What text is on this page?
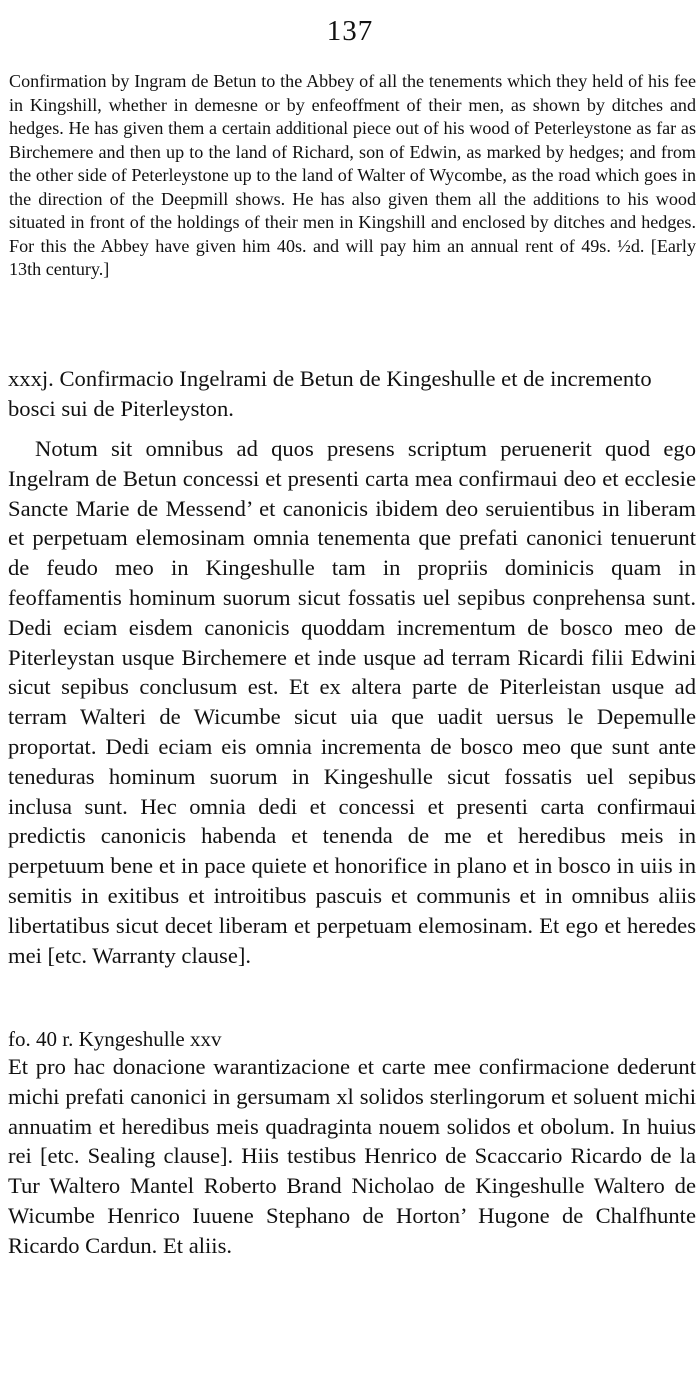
137

Confirmation by Ingram de Betun to the Abbey of all the tenements which they held of his fee in Kingshill, whether in demesne or by enfeoffment of their men, as shown by ditches and hedges. He has given them a certain additional piece out of his wood of Peterleystone as far as Birchemere and then up to the land of Richard, son of Edwin, as marked by hedges; and from the other side of Peterleystone up to the land of Walter of Wycombe, as the road which goes in the direction of the Deepmill shows. He has also given them all the additions to his wood situated in front of the holdings of their men in Kingshill and enclosed by ditches and hedges. For this the Abbey have given him 40s. and will pay him an annual rent of 49s. ½d. [Early 13th century.]

xxxj. Confirmacio Ingelrami de Betun de Kingeshulle et de incremento bosci sui de Piterleyston.

Notum sit omnibus ad quos presens scriptum peruenerit quod ego Ingelram de Betun concessi et presenti carta mea confirmaui deo et ecclesie Sancte Marie de Messend’ et canonicis ibidem deo seruientibus in liberam et perpetuam elemosinam omnia tenementa que prefati canonici tenuerunt de feudo meo in Kingeshulle tam in propriis dominicis quam in feoffamentis hominum suorum sicut fossatis uel sepibus conprehensa sunt. Dedi eciam eisdem canonicis quoddam incrementum de bosco meo de Piterleystan usque Birchemere et inde usque ad terram Ricardi filii Edwini sicut sepibus conclusum est. Et ex altera parte de Piterleistan usque ad terram Walteri de Wicumbe sicut uia que uadit uersus le Depemulle proportat. Dedi eciam eis omnia incrementa de bosco meo que sunt ante teneduras hominum suorum in Kingeshulle sicut fossatis uel sepibus inclusa sunt. Hec omnia dedi et concessi et presenti carta confirmaui predictis canonicis habenda et tenenda de me et heredibus meis in perpetuum bene et in pace quiete et honorifice in plano et in bosco in uiis in semitis in exitibus et introitibus pascuis et communis et in omnibus aliis libertatibus sicut decet liberam et perpetuam elemosinam. Et ego et heredes mei [etc. Warranty clause].

fo. 40 r. Kyngeshulle xxv

Et pro hac donacione warantizacione et carte mee confirmacione dederunt michi prefati canonici in gersumam xl solidos sterlingorum et soluent michi annuatim et heredibus meis quadraginta nouem solidos et obolum. In huius rei [etc. Sealing clause]. Hiis testibus Henrico de Scaccario Ricardo de la Tur Waltero Mantel Roberto Brand Nicholao de Kingeshulle Waltero de Wicumbe Henrico Iuuene Stephano de Horton’ Hugone de Chalfhunte Ricardo Cardun. Et aliis.
